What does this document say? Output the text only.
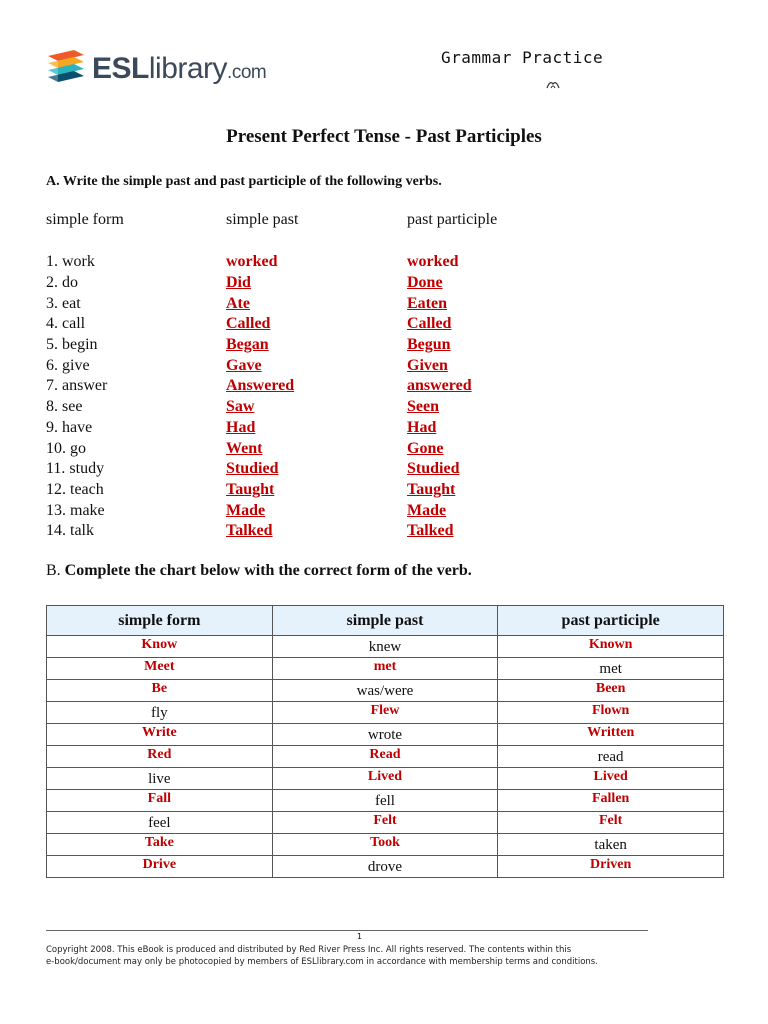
ESLlibrary.com
Grammar Practice
Present Perfect Tense - Past Participles
A. Write the simple past and past participle of the following verbs.
simple form	simple past	past participle
1. work	worked	worked
2. do	Did	Done
3. eat	Ate	Eaten
4. call	Called	Called
5. begin	Began	Begun
6. give	Gave	Given
7. answer	Answered	answered
8. see	Saw	Seen
9. have	Had	Had
10. go	Went	Gone
11. study	Studied	Studied
12. teach	Taught	Taught
13. make	Made	Made
14. talk	Talked	Talked
B. Complete the chart below with the correct form of the verb.
simple form	simple past	past participle
Know	knew	Known
Meet	met	met
Be	was/were	Been
fly	Flew	Flown
Write	wrote	Written
Red	Read	read
live	Lived	Lived
Fall	fell	Fallen
feel	Felt	Felt
Take	Took	taken
Drive	drove	Driven
1
Copyright 2008. This eBook is produced and distributed by Red River Press Inc. All rights reserved. The contents within this
e-book/document may only be photocopied by members of ESLlibrary.com in accordance with membership terms and conditions.
